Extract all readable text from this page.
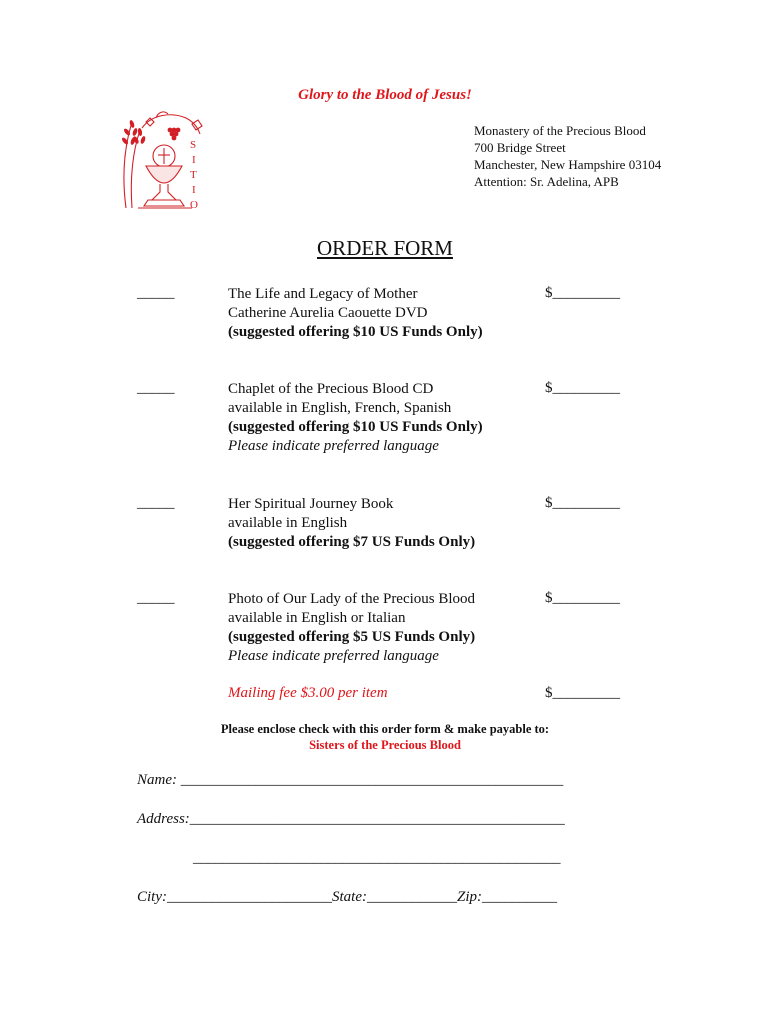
Glory to the Blood of Jesus!
S
I
T
I
O
Monastery of the Precious Blood
700 Bridge Street
Manchester, New Hampshire 03104
Attention: Sr. Adelina, APB
ORDER FORM
_____	The Life and Legacy of Mother
Catherine Aurelia Caouette DVD
(suggested offering $10 US Funds Only)
$_________
_____	Chaplet of the Precious Blood CD
available in English, French, Spanish
(suggested offering $10 US Funds Only)
Please indicate preferred language
$_________
_____	Her Spiritual Journey Book
available in English
(suggested offering $7 US Funds Only)
$_________
_____	Photo of Our Lady of the Precious Blood
available in English or Italian
(suggested offering $5 US Funds Only)
Please indicate preferred language
$_________
Mailing fee $3.00 per item	$_________
Please enclose check with this order form & make payable to:
Sisters of the Precious Blood
Name: ___________________________________________________
Address:__________________________________________________
_________________________________________________
City:______________________State:____________Zip:__________
